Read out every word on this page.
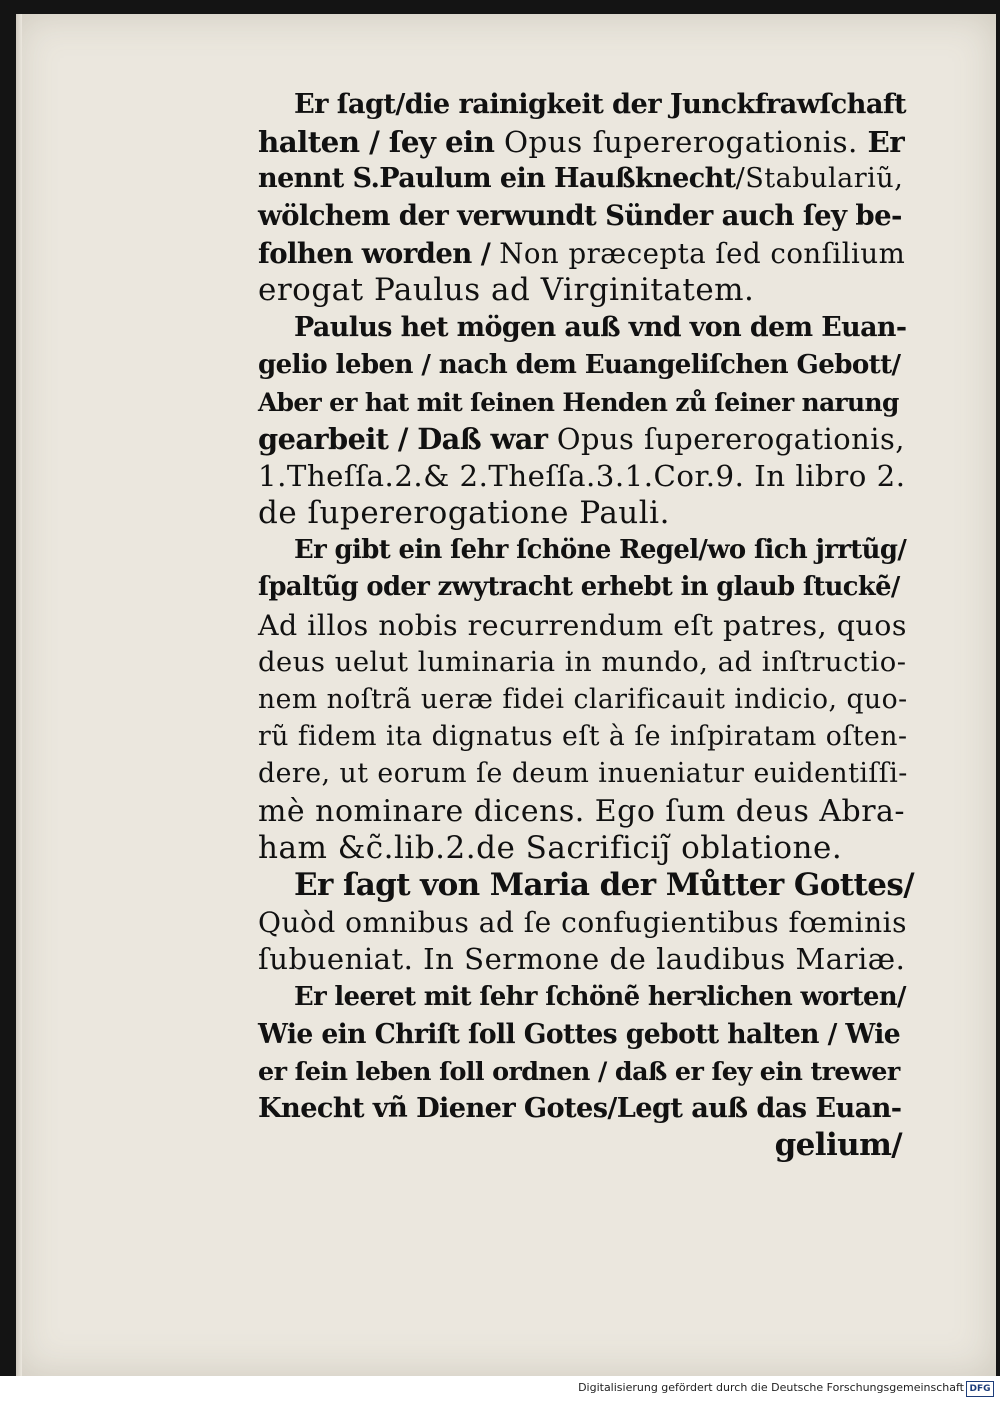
Er ſagt/die rainigkeit der Junckfrawſchaft
halten / ſey ein Opus ſupererogationis. Er
nennt S.Paulum ein Haußknecht/Stabulariũ,
wölchem der verwundt Sünder auch ſey be‑
folhen worden / Non præcepta ſed conſilium
erogat Paulus ad Virginitatem.
Paulus het mögen auß vnd von dem Euan‑
gelio leben / nach dem Euangeliſchen Gebott/
Aber er hat mit ſeinen Henden zů ſeiner narung
gearbeit / Daß war Opus ſupererogationis,
1.Theſſa.2.& 2.Theſſa.3.1.Cor.9. In libro 2.
de ſupererogatione Pauli.
Er gibt ein ſehr ſchöne Regel/wo ſich jrrtũg/
ſpaltũg oder zwytracht erhebt in glaub ſtuckẽ/
Ad illos nobis recurrendum eſt patres, quos
deus uelut luminaria in mundo, ad inſtructio‑
nem noſtrã ueræ fidei clarificauit indicio, quo‑
rũ fidem ita dignatus eſt à ſe inſpiratam oſten‑
dere, ut eorum ſe deum inueniatur euidentiſſi‑
mè nominare dicens. Ego ſum deus Abra‑
ham &c̃.lib.2.de Sacrificiȷ̃ oblatione.
Er ſagt von Maria der Můtter Gottes/
Quòd omnibus ad ſe confugientibus fœminis
ſubueniat. In Sermone de laudibus Mariæ.
Er leeret mit ſehr ſchönẽ herꝛlichen worten/
Wie ein Chriſt ſoll Gottes gebott halten / Wie
er ſein leben ſoll ordnen / daß er ſey ein trewer
Knecht vñ Diener Gotes/Legt auß das Euan‑
gelium/
Digitalisierung gefördert durch die Deutsche Forschungsgemeinschaft DFG
